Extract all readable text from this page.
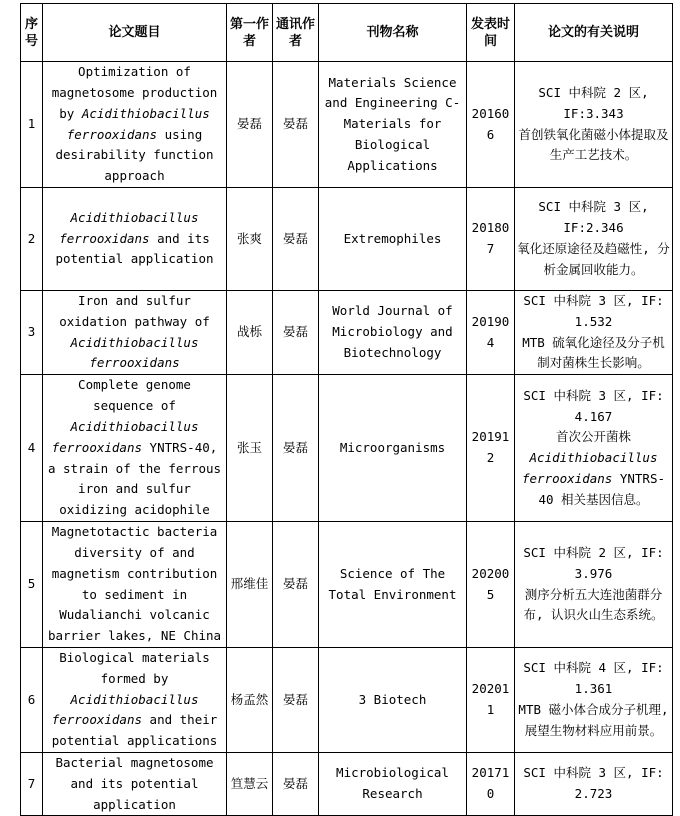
序号	论文题目	第一作者	通讯作者	刊物名称	发表时间	论文的有关说明
1	Optimization of magnetosome production by Acidithiobacillus ferrooxidans using desirability function approach	晏磊	晏磊	Materials Science and Engineering C-Materials for Biological Applications	201606	SCI 中科院 2 区, IF:3.343
首创铁氧化菌磁小体提取及生产工艺技术。
2	Acidithiobacillus ferrooxidans and its potential application	张爽	晏磊	Extremophiles	201807	SCI 中科院 3 区, IF:2.346
氧化还原途径及趋磁性, 分析金属回收能力。
3	Iron and sulfur oxidation pathway of Acidithiobacillus ferrooxidans	战栎	晏磊	World Journal of Microbiology and Biotechnology	201904	SCI 中科院 3 区, IF: 1.532
MTB 硫氧化途径及分子机制对菌株生长影响。
4	Complete genome sequence of Acidithiobacillus ferrooxidans YNTRS-40, a strain of the ferrous iron and sulfur oxidizing acidophile	张玉	晏磊	Microorganisms	201912	SCI 中科院 3 区, IF: 4.167
首次公开菌株
Acidithiobacillus ferrooxidans YNTRS-40 相关基因信息。
5	Magnetotactic bacteria diversity of and magnetism contribution to sediment in Wudalianchi volcanic barrier lakes, NE China	邢维佳	晏磊	Science of The Total Environment	202005	SCI 中科院 2 区, IF: 3.976
测序分析五大连池菌群分布, 认识火山生态系统。
6	Biological materials formed by Acidithiobacillus ferrooxidans and their potential applications	杨孟然	晏磊	3 Biotech	202011	SCI 中科院 4 区, IF: 1.361
MTB 磁小体合成分子机理, 展望生物材料应用前景。
7	Bacterial magnetosome and its potential application	笪慧云	晏磊	Microbiological Research	201710	SCI 中科院 3 区, IF: 2.723
